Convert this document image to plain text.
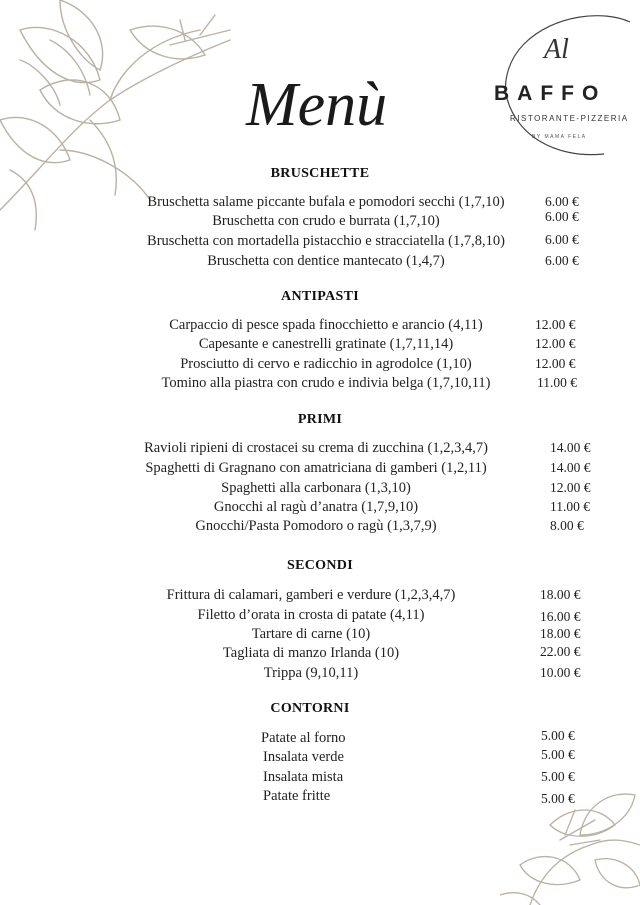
Al
BAFFO
RISTORANTE-PIZZERIA
BY MAMA FELA
Menù
BRUSCHETTE
Bruschetta salame piccante bufala e pomodori secchi (1,7,10)	6.00 €
Bruschetta con crudo e burrata (1,7,10)	6.00 €
Bruschetta con mortadella pistacchio e stracciatella (1,7,8,10)	6.00 €
Bruschetta con dentice mantecato (1,4,7)	6.00 €
ANTIPASTI
Carpaccio di pesce spada finocchietto e arancio (4,11)	12.00 €
Capesante e canestrelli gratinate (1,7,11,14)	12.00 €
Prosciutto di cervo e radicchio in agrodolce (1,10)	12.00 €
Tomino alla piastra con crudo e indivia belga (1,7,10,11)	11.00 €
PRIMI
Ravioli ripieni di crostacei su crema di zucchina (1,2,3,4,7)	14.00 €
Spaghetti di Gragnano con amatriciana di gamberi (1,2,11)	14.00 €
Spaghetti alla carbonara (1,3,10)	12.00 €
Gnocchi al ragù d’anatra (1,7,9,10)	11.00 €
Gnocchi/Pasta Pomodoro o ragù (1,3,7,9)	8.00 €
SECONDI
Frittura di calamari, gamberi e verdure (1,2,3,4,7)	18.00 €
Filetto d’orata in crosta di patate (4,11)	16.00 €
Tartare di carne (10)	18.00 €
Tagliata di manzo Irlanda (10)	22.00 €
Trippa (9,10,11)	10.00 €
CONTORNI
Patate al forno	5.00 €
Insalata verde	5.00 €
Insalata mista	5.00 €
Patate fritte	5.00 €
